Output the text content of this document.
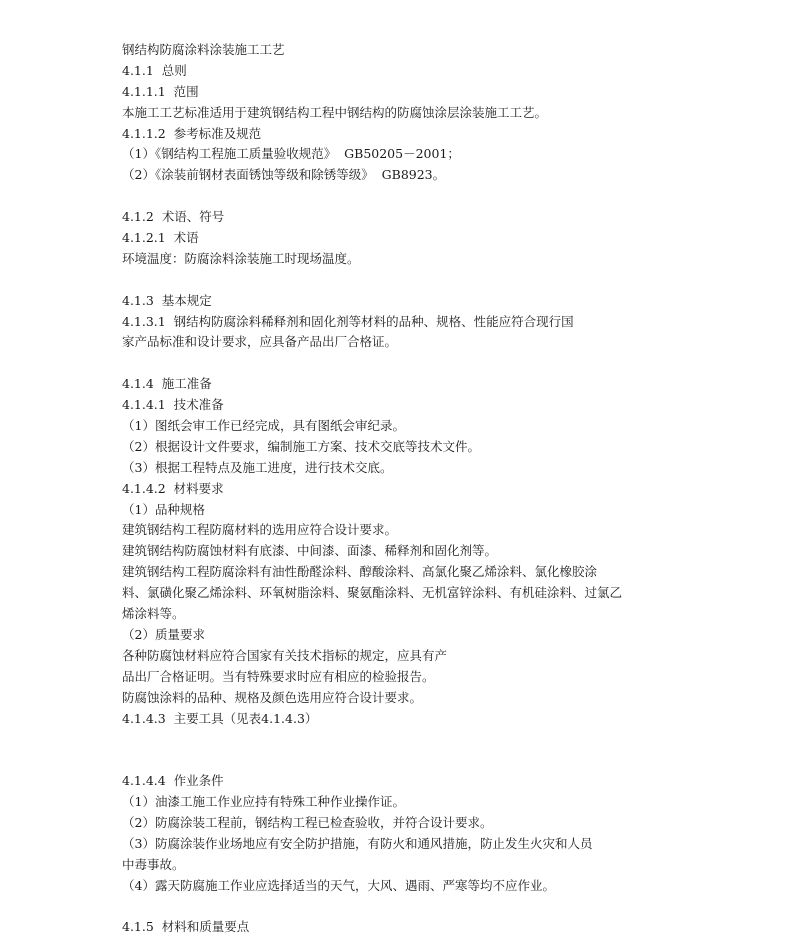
钢结构防腐涂料涂装施工工艺
4.1.1  总则
4.1.1.1  范围
本施工工艺标准适用于建筑钢结构工程中钢结构的防腐蚀涂层涂装施工工艺。
4.1.1.2  参考标准及规范
（1）《钢结构工程施工质量验收规范》  GB50205－2001；
（2）《涂装前钢材表面锈蚀等级和除锈等级》  GB8923。
4.1.2  术语、符号
4.1.2.1  术语
环境温度：防腐涂料涂装施工时现场温度。
4.1.3  基本规定
4.1.3.1  钢结构防腐涂料稀释剂和固化剂等材料的品种、规格、性能应符合现行国
家产品标准和设计要求，应具备产品出厂合格证。
4.1.4  施工准备
4.1.4.1  技术准备
（1）图纸会审工作已经完成，具有图纸会审纪录。
（2）根据设计文件要求，编制施工方案、技术交底等技术文件。
（3）根据工程特点及施工进度，进行技术交底。
4.1.4.2  材料要求
（1）品种规格
建筑钢结构工程防腐材料的选用应符合设计要求。
建筑钢结构防腐蚀材料有底漆、中间漆、面漆、稀释剂和固化剂等。
建筑钢结构工程防腐涂料有油性酚醛涂料、醇酸涂料、高氯化聚乙烯涂料、氯化橡胶涂
料、氯磺化聚乙烯涂料、环氧树脂涂料、聚氨酯涂料、无机富锌涂料、有机硅涂料、过氯乙
烯涂料等。
（2）质量要求
各种防腐蚀材料应符合国家有关技术指标的规定，应具有产
品出厂合格证明。当有特殊要求时应有相应的检验报告。
防腐蚀涂料的品种、规格及颜色选用应符合设计要求。
4.1.4.3  主要工具（见表4.1.4.3）
4.1.4.4  作业条件
（1）油漆工施工作业应持有特殊工种作业操作证。
（2）防腐涂装工程前，钢结构工程已检查验收，并符合设计要求。
（3）防腐涂装作业场地应有安全防护措施，有防火和通风措施，防止发生火灾和人员
中毒事故。
（4）露天防腐施工作业应选择适当的天气，大风、遇雨、严寒等均不应作业。
4.1.5  材料和质量要点
